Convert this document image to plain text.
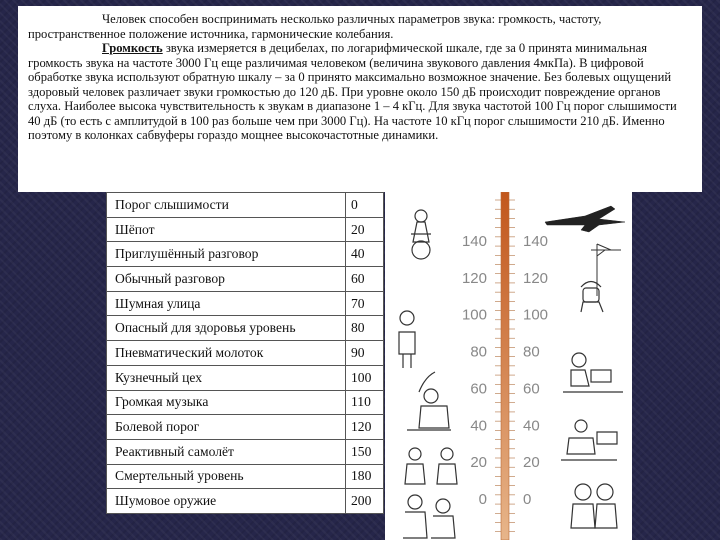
Человек способен воспринимать несколько различных параметров звука: громкость, частоту, пространственное положение источника, гармонические колебания.

Громкость звука измеряется в децибелах, по логарифмической шкале, где за 0 принята минимальная громкость звука на частоте 3000 Гц еще различимая человеком (величина звукового давления 4мкПа). В цифровой обработке звука используют обратную шкалу – за 0 принято максимально возможное значение. Без болевых ощущений здоровый человек различает звуки громкостью до 120 дБ. При уровне около 150 дБ происходит повреждение органов слуха. Наиболее высока чувствительность к звукам в диапазоне 1 – 4 кГц. Для звука частотой 100 Гц порог слышимости 40 дБ (то есть с амплитудой в 100 раз больше чем при 3000 Гц). На частоте 10 кГц порог слышимости 210 дБ. Именно поэтому в колонках сабвуферы гораздо мощнее высокочастотные динамики.

Порог слышимости	0
Шёпот	20
Приглушённый разговор	40
Обычный разговор	60
Шумная улица	70
Опасный для здоровья уровень	80
Пневматический молоток	90
Кузнечный цех	100
Громкая музыка	110
Болевой порог	120
Реактивный самолёт	150
Смертельный уровень	180
Шумовое оружие	200
140 140
120 120
100 100
80 80
60 60
40 40
20 20
0 0
